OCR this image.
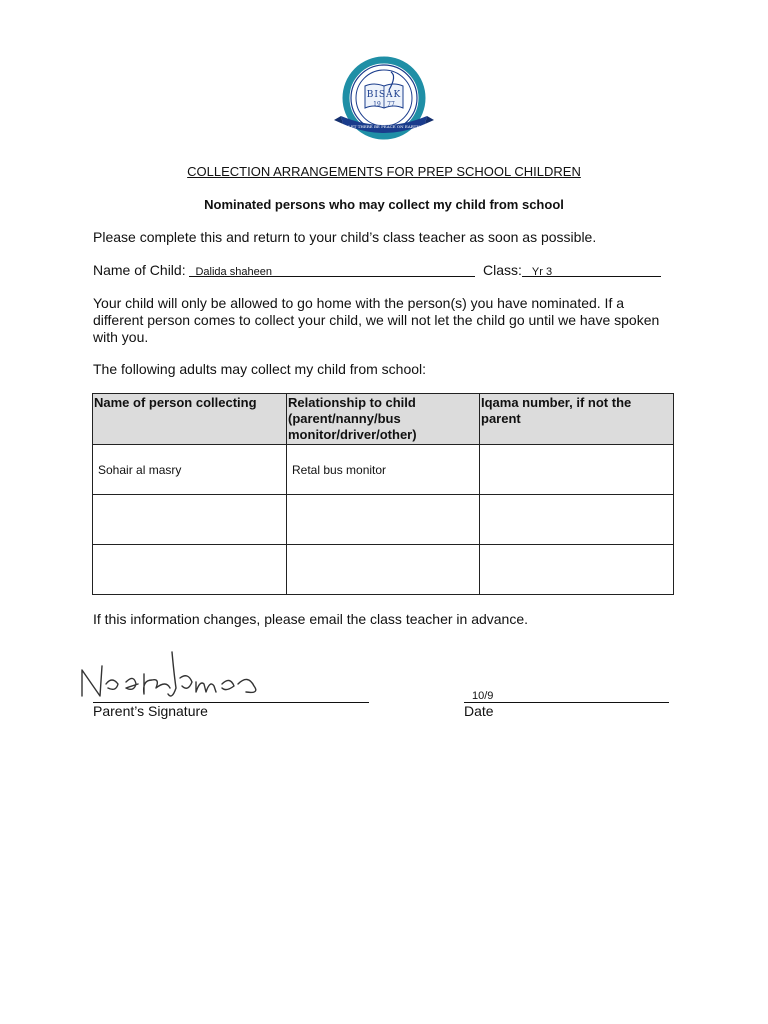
BISAK
19 77
LET THERE BE PEACE ON EARTH
COLLECTION ARRANGEMENTS FOR PREP SCHOOL CHILDREN
Nominated persons who may collect my child from school
Please complete this and return to your child’s class teacher as soon as possible.
Name of Child: Dalida shaheen	Class: Yr 3
Your child will only be allowed to go home with the person(s) you have nominated. If a different person comes to collect your child, we will not let the child go until we have spoken with you.
The following adults may collect my child from school:
Name of person collecting	Relationship to child (parent/nanny/bus monitor/driver/other)	Iqama number, if not the parent
Sohair al masry	Retal bus monitor	

If this information changes, please email the class teacher in advance.
Parent’s Signature
10/9
Date
